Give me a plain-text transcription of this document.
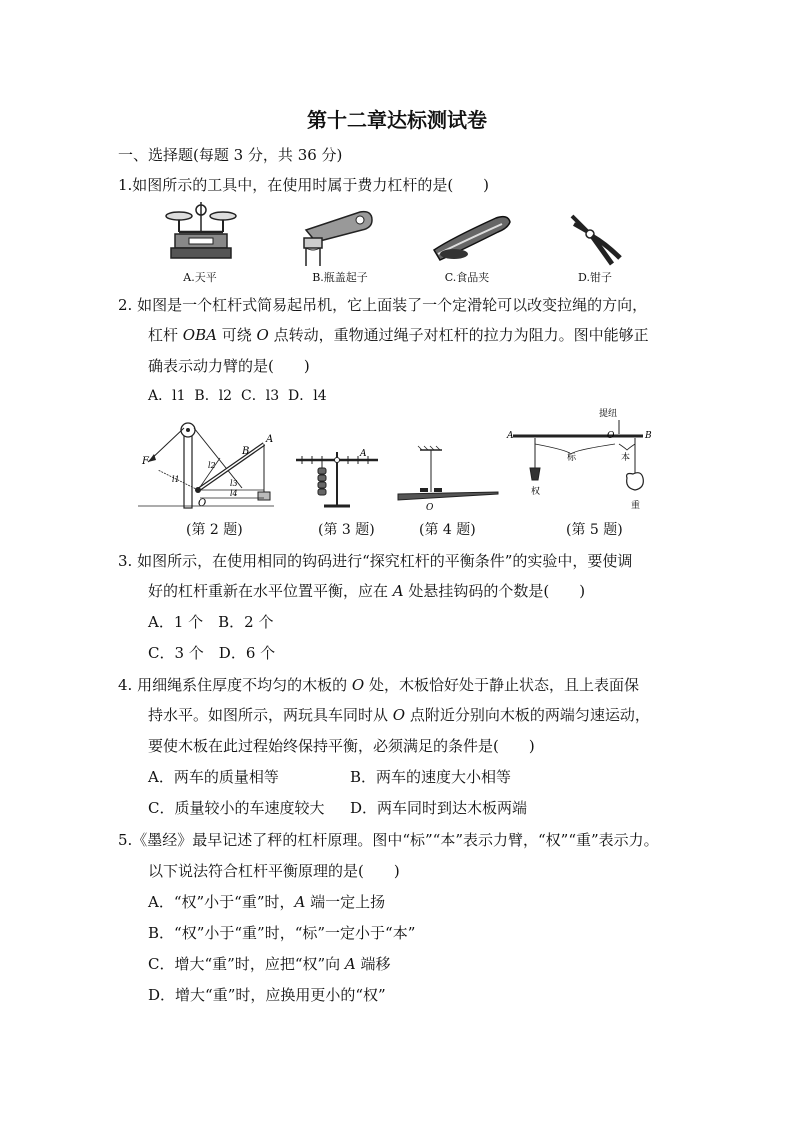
第十二章达标测试卷
一、选择题(每题 3 分，共 36 分)
1.如图所示的工具中，在使用时属于费力杠杆的是(　　)
A.天平	B.瓶盖起子	C.食品夹	D.钳子
2. 如图是一个杠杆式简易起吊机，它上面装了一个定滑轮可以改变拉绳的方向，
杠杆 OBA 可绕 O 点转动，重物通过绳子对杠杆的拉力为阻力。图中能够正
确表示动力臂的是(　　)
A．l1 B．l2 C．l3 D．l4
F
A
B
O
l1
l2
l3
l4
(第 2 题)
A
(第 3 题)
O
(第 4 题)
提纽
A	O	B
标	本
权
重
(第 5 题)
3. 如图所示，在使用相同的钩码进行“探究杠杆的平衡条件”的实验中，要使调
好的杠杆重新在水平位置平衡，应在 A 处悬挂钩码的个数是(　　)
A．1 个　B．2 个
C．3 个　D．6 个
4. 用细绳系住厚度不均匀的木板的 O 处，木板恰好处于静止状态，且上表面保
持水平。如图所示，两玩具车同时从 O 点附近分别向木板的两端匀速运动，
要使木板在此过程始终保持平衡，必须满足的条件是(　　)
A．两车的质量相等	B．两车的速度大小相等
C．质量较小的车速度较大 D．两车同时到达木板两端
5.《墨经》最早记述了秤的杠杆原理。图中“标”“本”表示力臂，“权”“重”表示力。
以下说法符合杠杆平衡原理的是(　　)
A．“权”小于“重”时，A 端一定上扬
B．“权”小于“重”时，“标”一定小于“本”
C．增大“重”时，应把“权”向 A 端移
D．增大“重”时，应换用更小的“权”
